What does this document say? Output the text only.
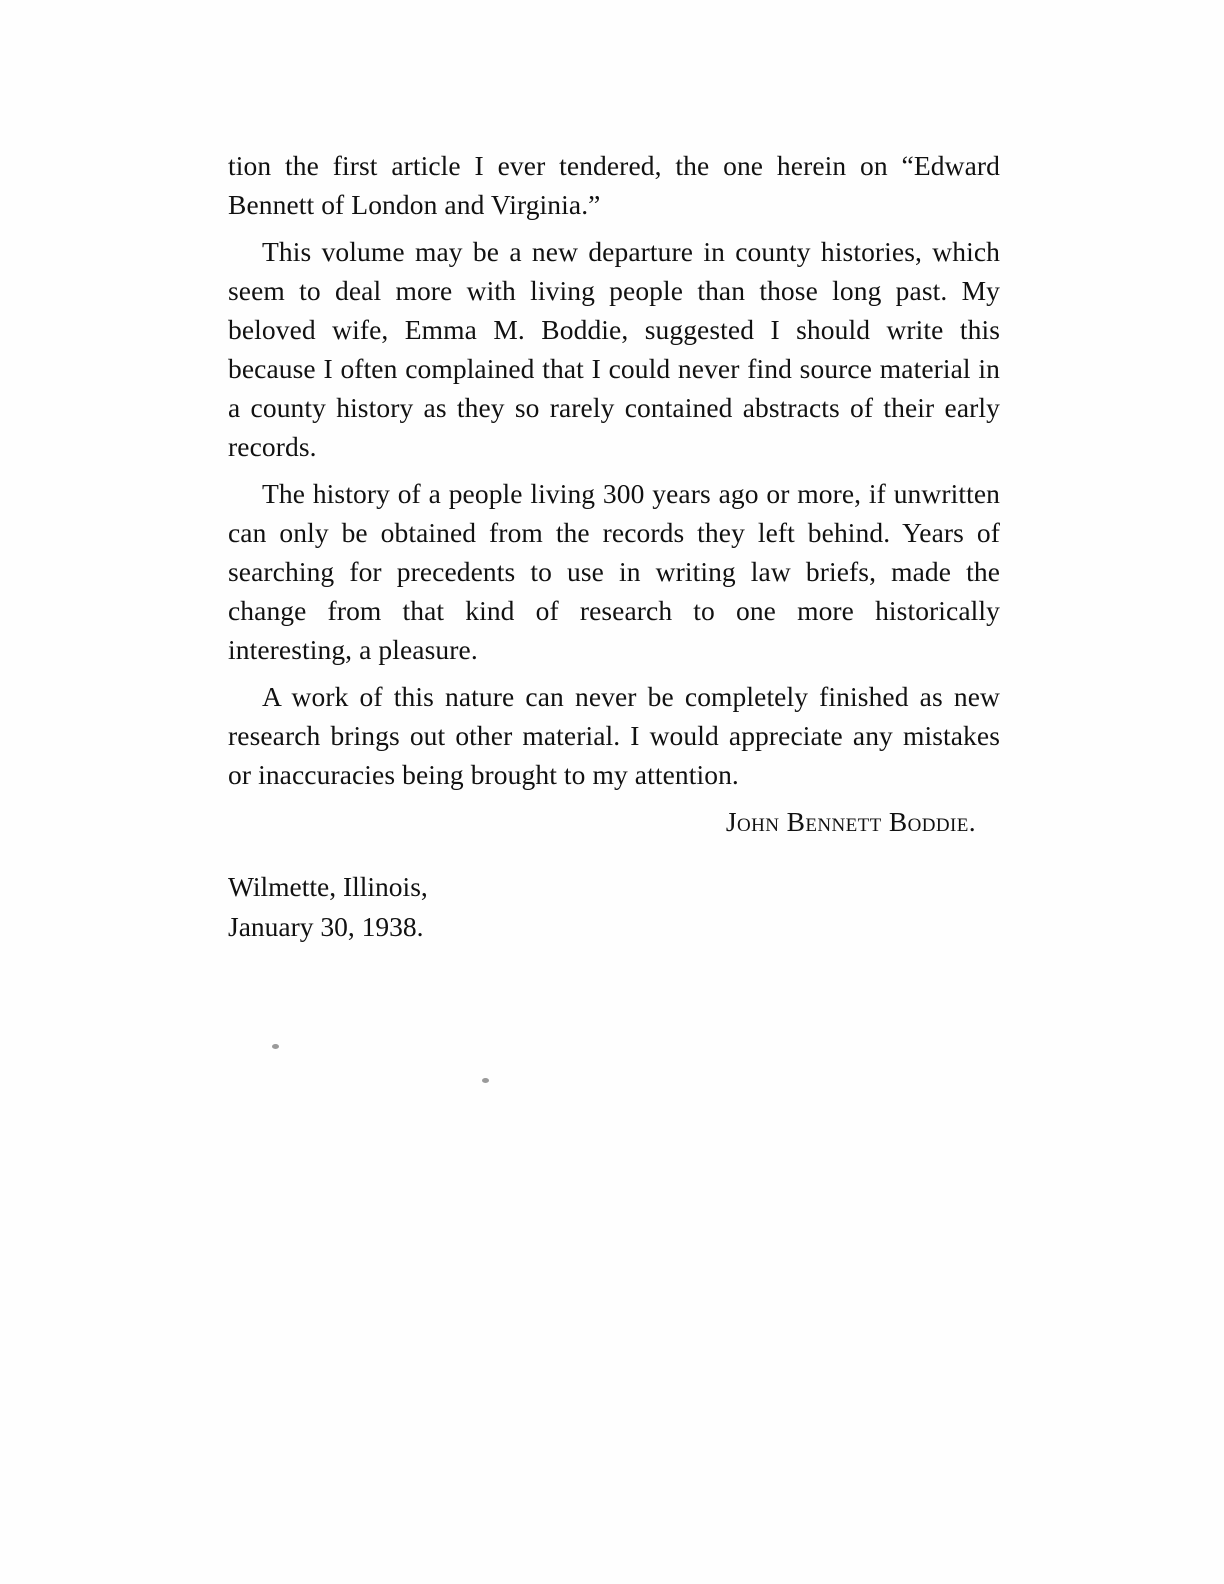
tion the first article I ever tendered, the one herein on “Edward Bennett of London and Virginia.”

This volume may be a new departure in county histories, which seem to deal more with living people than those long past. My beloved wife, Emma M. Boddie, suggested I should write this because I often complained that I could never find source material in a county history as they so rarely contained abstracts of their early records.

The history of a people living 300 years ago or more, if unwritten can only be obtained from the records they left behind. Years of searching for precedents to use in writing law briefs, made the change from that kind of research to one more historically interesting, a pleasure.

A work of this nature can never be completely finished as new research brings out other material. I would appreciate any mistakes or inaccuracies being brought to my attention.

John Bennett Boddie.

Wilmette, Illinois,
January 30, 1938.
